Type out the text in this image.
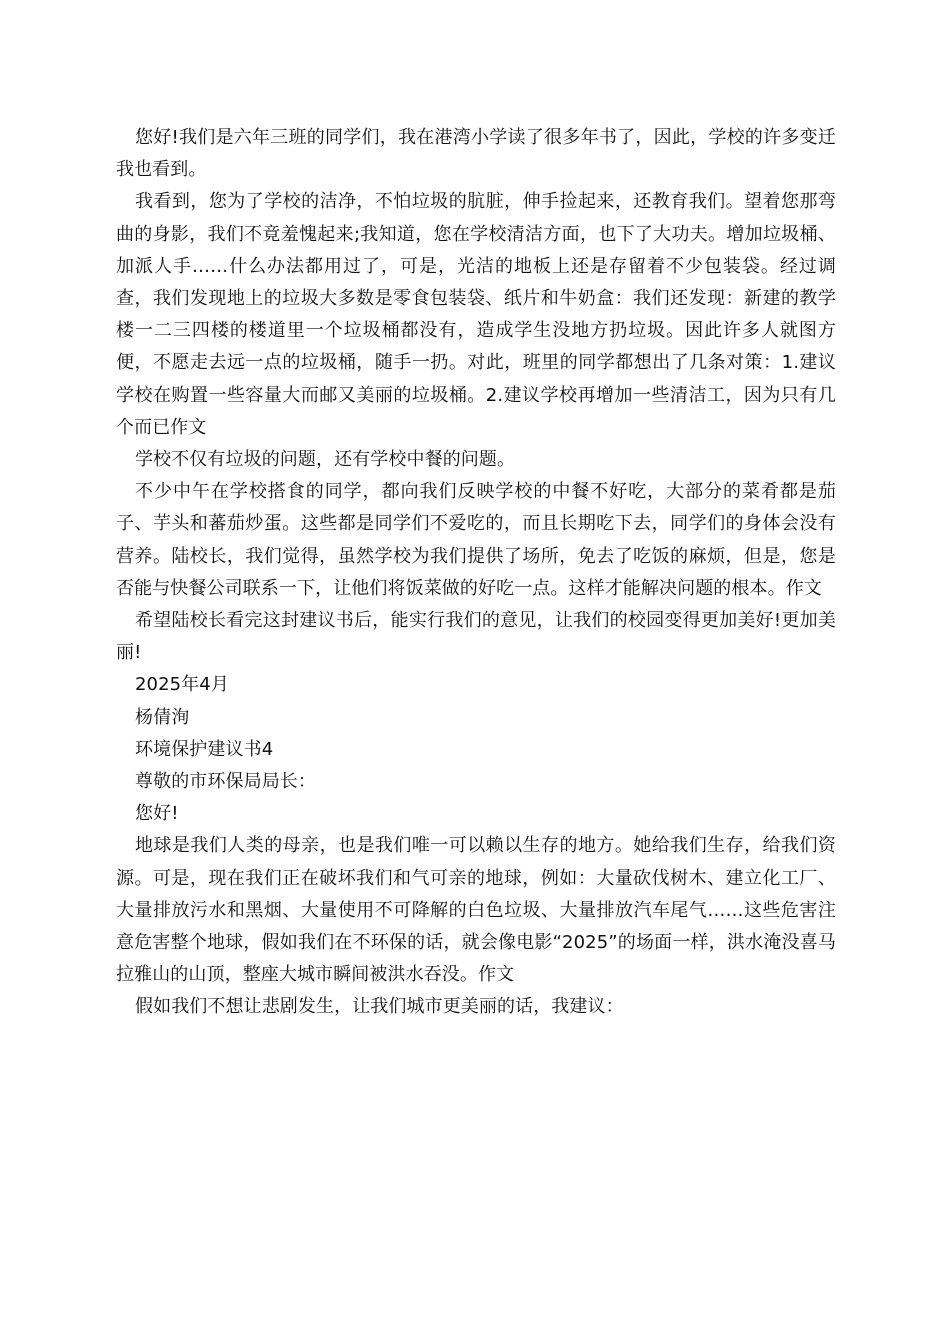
您好!我们是六年三班的同学们，我在港湾小学读了很多年书了，因此，学校的许多变迁我也看到。

我看到，您为了学校的洁净，不怕垃圾的肮脏，伸手捡起来，还教育我们。望着您那弯曲的身影，我们不竟羞愧起来;我知道，您在学校清洁方面，也下了大功夫。增加垃圾桶、加派人手……什么办法都用过了，可是，光洁的地板上还是存留着不少包装袋。经过调查，我们发现地上的垃圾大多数是零食包装袋、纸片和牛奶盒：我们还发现：新建的教学楼一二三四楼的楼道里一个垃圾桶都没有，造成学生没地方扔垃圾。因此许多人就图方便，不愿走去远一点的垃圾桶，随手一扔。对此，班里的同学都想出了几条对策：1.建议学校在购置一些容量大而邮又美丽的垃圾桶。2.建议学校再增加一些清洁工，因为只有几个而已作文

学校不仅有垃圾的问题，还有学校中餐的问题。

不少中午在学校搭食的同学，都向我们反映学校的中餐不好吃，大部分的菜肴都是茄子、芋头和蕃茄炒蛋。这些都是同学们不爱吃的，而且长期吃下去，同学们的身体会没有营养。陆校长，我们觉得，虽然学校为我们提供了场所，免去了吃饭的麻烦，但是，您是否能与快餐公司联系一下，让他们将饭菜做的好吃一点。这样才能解决问题的根本。作文

希望陆校长看完这封建议书后，能实行我们的意见，让我们的校园变得更加美好!更加美丽!

2025年4月

杨倩洵

环境保护建议书4

尊敬的市环保局局长：

您好!

地球是我们人类的母亲，也是我们唯一可以赖以生存的地方。她给我们生存，给我们资源。可是，现在我们正在破坏我们和气可亲的地球，例如：大量砍伐树木、建立化工厂、大量排放污水和黑烟、大量使用不可降解的白色垃圾、大量排放汽车尾气……这些危害注意危害整个地球，假如我们在不环保的话，就会像电影“2025”的场面一样，洪水淹没喜马拉雅山的山顶，整座大城市瞬间被洪水吞没。作文

假如我们不想让悲剧发生，让我们城市更美丽的话，我建议：
